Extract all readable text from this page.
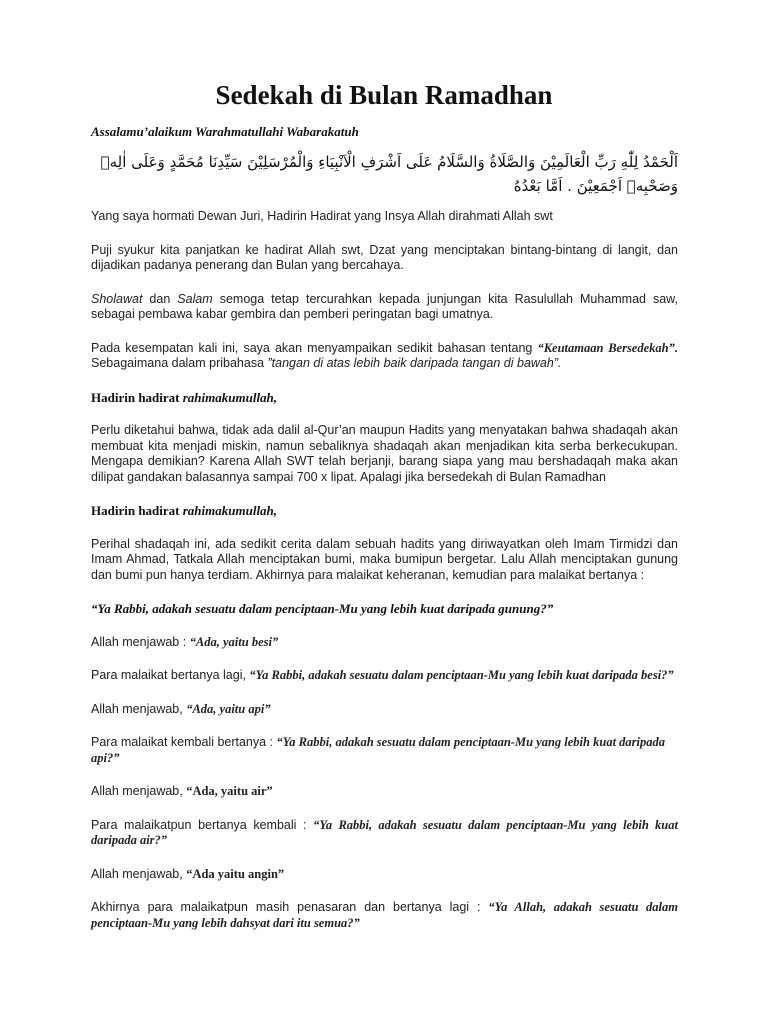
Sedekah di Bulan Ramadhan
Assalamu’alaikum Warahmatullahi Wabarakatuh
اَلْحَمْدُ لِلّٰهِ رَبِّ الْعَالَمِيْنَ وَالصَّلَاةُ وَالسَّلَامُ عَلَى اَشْرَفِ الْاَنْبِيَاءِ وَالْمُرْسَلِيْنَ سَيِّدِنَا مُحَمَّدٍ وَعَلَى اٰلِهٖ
وَصَحْبِهٖ اَجْمَعِيْنَ . اَمَّا بَعْدُهُ

Yang saya hormati Dewan Juri, Hadirin Hadirat yang Insya Allah dirahmati Allah swt

Puji syukur kita panjatkan ke hadirat Allah swt, Dzat yang menciptakan bintang-bintang di langit, dan dijadikan padanya penerang dan Bulan yang bercahaya.

Sholawat dan Salam semoga tetap tercurahkan kepada junjungan kita Rasulullah Muhammad saw, sebagai pembawa kabar gembira dan pemberi peringatan bagi umatnya.

Pada kesempatan kali ini, saya akan menyampaikan sedikit bahasan tentang “Keutamaan Bersedekah”. Sebagaimana dalam pribahasa ”tangan di atas lebih baik daripada tangan di bawah”.

Hadirin hadirat rahimakumullah,

Perlu diketahui bahwa, tidak ada dalil al-Qur’an maupun Hadits yang menyatakan bahwa shadaqah akan membuat kita menjadi miskin, namun sebaliknya shadaqah akan menjadikan kita serba berkecukupan. Mengapa demikian? Karena Allah SWT telah berjanji, barang siapa yang mau bershadaqah maka akan dilipat gandakan balasannya sampai 700 x lipat. Apalagi jika bersedekah di Bulan Ramadhan

Hadirin hadirat rahimakumullah,

Perihal shadaqah ini, ada sedikit cerita dalam sebuah hadits yang diriwayatkan oleh Imam Tirmidzi dan Imam Ahmad, Tatkala Allah menciptakan bumi, maka bumipun bergetar. Lalu Allah menciptakan gunung dan bumi pun hanya terdiam. Akhirnya para malaikat keheranan, kemudian para malaikat bertanya :

“Ya Rabbi, adakah sesuatu dalam penciptaan-Mu yang lebih kuat daripada gunung?”

Allah menjawab : “Ada, yaitu besi”

Para malaikat bertanya lagi, “Ya Rabbi, adakah sesuatu dalam penciptaan-Mu yang lebih kuat daripada besi?”

Allah menjawab, “Ada, yaitu api”

Para malaikat kembali bertanya : “Ya Rabbi, adakah sesuatu dalam penciptaan-Mu yang lebih kuat daripada api?”

Allah menjawab, “Ada, yaitu air”

Para malaikatpun bertanya kembali : “Ya Rabbi, adakah sesuatu dalam penciptaan-Mu yang lebih kuat daripada air?”

Allah menjawab, “Ada yaitu angin”

Akhirnya para malaikatpun masih penasaran dan bertanya lagi : “Ya Allah, adakah sesuatu dalam penciptaan-Mu yang lebih dahsyat dari itu semua?”
